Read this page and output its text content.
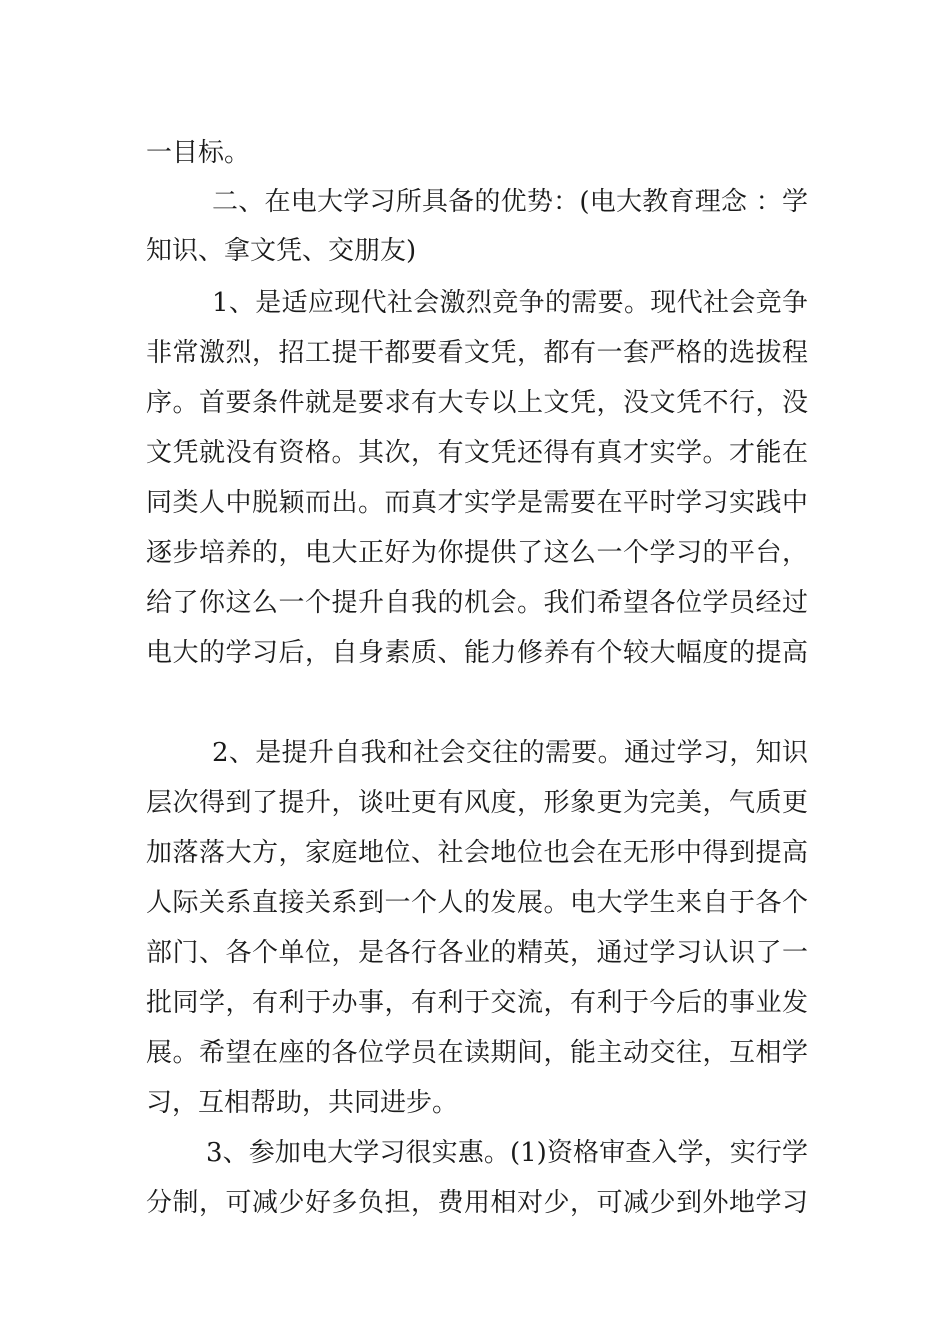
一目标。
二、在电大学习所具备的优势：(电大教育理念 ：学
知识、拿文凭、交朋友)
1、是适应现代社会激烈竞争的需要。现代社会竞争
非常激烈，招工提干都要看文凭，都有一套严格的选拔程
序。首要条件就是要求有大专以上文凭，没文凭不行，没
文凭就没有资格。其次，有文凭还得有真才实学。才能在
同类人中脱颖而出。而真才实学是需要在平时学习实践中
逐步培养的，电大正好为你提供了这么一个学习的平台，
给了你这么一个提升自我的机会。我们希望各位学员经过
电大的学习后，自身素质、能力修养有个较大幅度的提高
2、是提升自我和社会交往的需要。通过学习，知识
层次得到了提升，谈吐更有风度，形象更为完美，气质更
加落落大方，家庭地位、社会地位也会在无形中得到提高
人际关系直接关系到一个人的发展。电大学生来自于各个
部门、各个单位，是各行各业的精英，通过学习认识了一
批同学，有利于办事，有利于交流，有利于今后的事业发
展。希望在座的各位学员在读期间，能主动交往，互相学
习，互相帮助，共同进步。
3、参加电大学习很实惠。(1)资格审查入学，实行学
分制，可减少好多负担，费用相对少，可减少到外地学习
